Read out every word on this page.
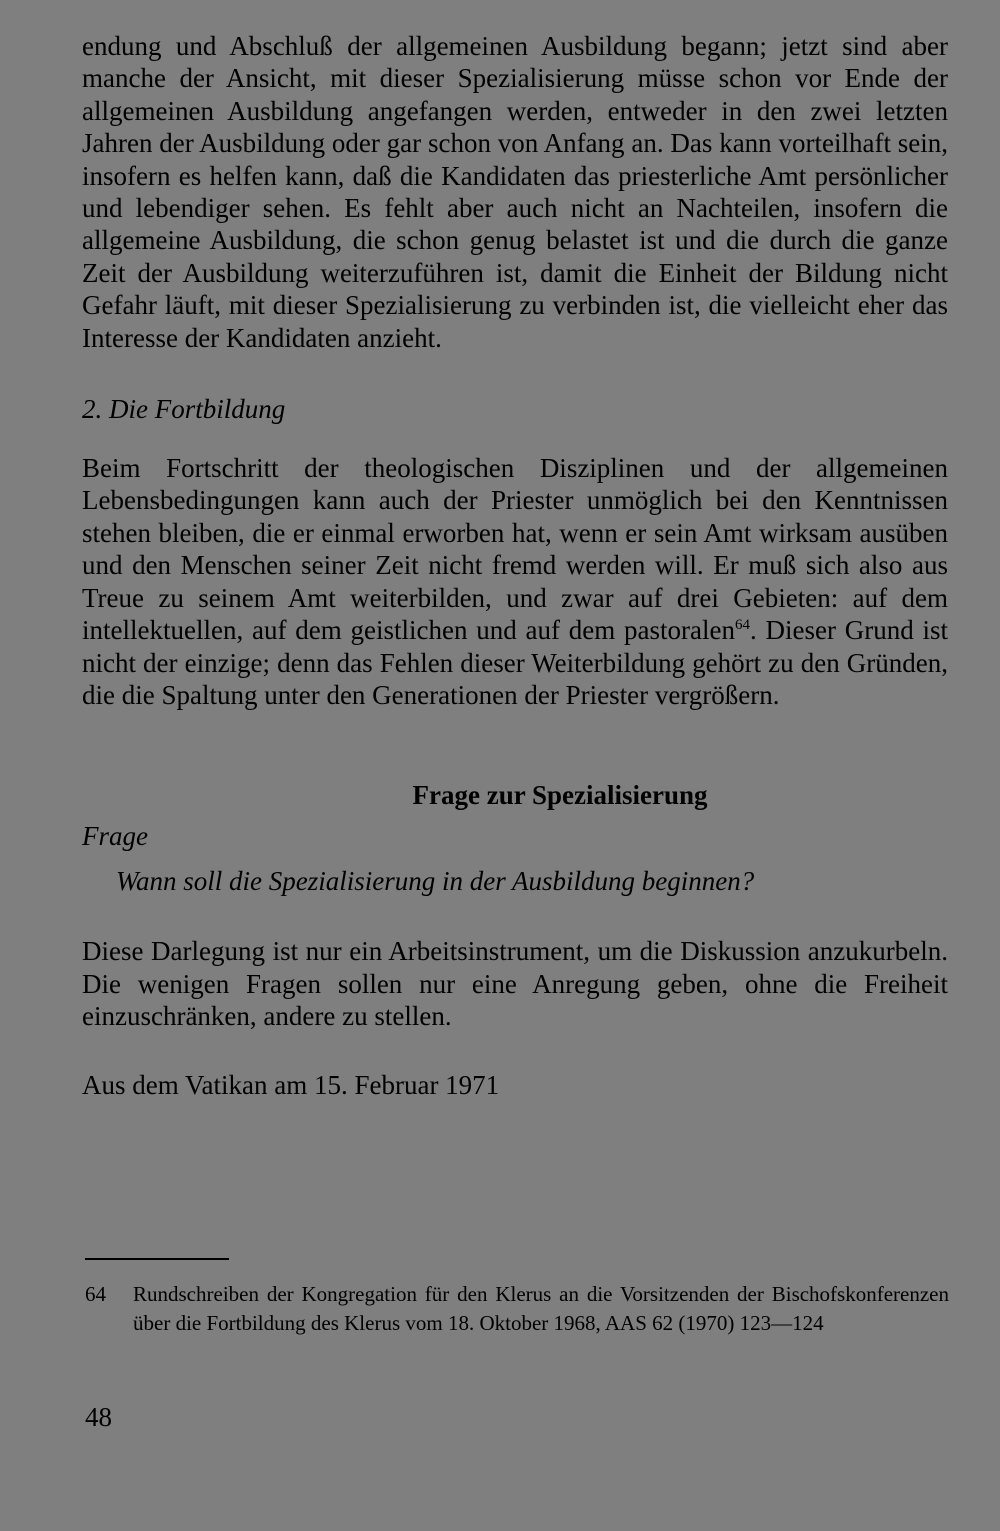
endung und Abschluß der allgemeinen Ausbildung begann; jetzt sind aber manche der Ansicht, mit dieser Spezialisierung müsse schon vor Ende der allgemeinen Ausbildung angefangen werden, entweder in den zwei letzten Jahren der Ausbildung oder gar schon von Anfang an. Das kann vorteilhaft sein, insofern es helfen kann, daß die Kandidaten das priesterliche Amt persönlicher und lebendiger sehen. Es fehlt aber auch nicht an Nachteilen, insofern die allgemeine Ausbildung, die schon genug belastet ist und die durch die ganze Zeit der Ausbildung weiterzuführen ist, damit die Einheit der Bildung nicht Gefahr läuft, mit dieser Spezialisierung zu verbinden ist, die vielleicht eher das Interesse der Kandidaten anzieht.

2. Die Fortbildung

Beim Fortschritt der theologischen Disziplinen und der allgemeinen Lebensbedingungen kann auch der Priester unmöglich bei den Kenntnissen stehen bleiben, die er einmal erworben hat, wenn er sein Amt wirksam ausüben und den Menschen seiner Zeit nicht fremd werden will. Er muß sich also aus Treue zu seinem Amt weiterbilden, und zwar auf drei Gebieten: auf dem intellektuellen, auf dem geistlichen und auf dem pastoralen$^{64}$. Dieser Grund ist nicht der einzige; denn das Fehlen dieser Weiterbildung gehört zu den Gründen, die die Spaltung unter den Generationen der Priester vergrößern.

Frage zur Spezialisierung

Frage

Wann soll die Spezialisierung in der Ausbildung beginnen?

Diese Darlegung ist nur ein Arbeitsinstrument, um die Diskussion anzukurbeln. Die wenigen Fragen sollen nur eine Anregung geben, ohne die Freiheit einzuschränken, andere zu stellen.

Aus dem Vatikan am 15. Februar 1971

64	Rundschreiben der Kongregation für den Klerus an die Vorsitzenden der Bischofskonferenzen über die Fortbildung des Klerus vom 18. Oktober 1968, AAS 62 (1970) 123—124

48
